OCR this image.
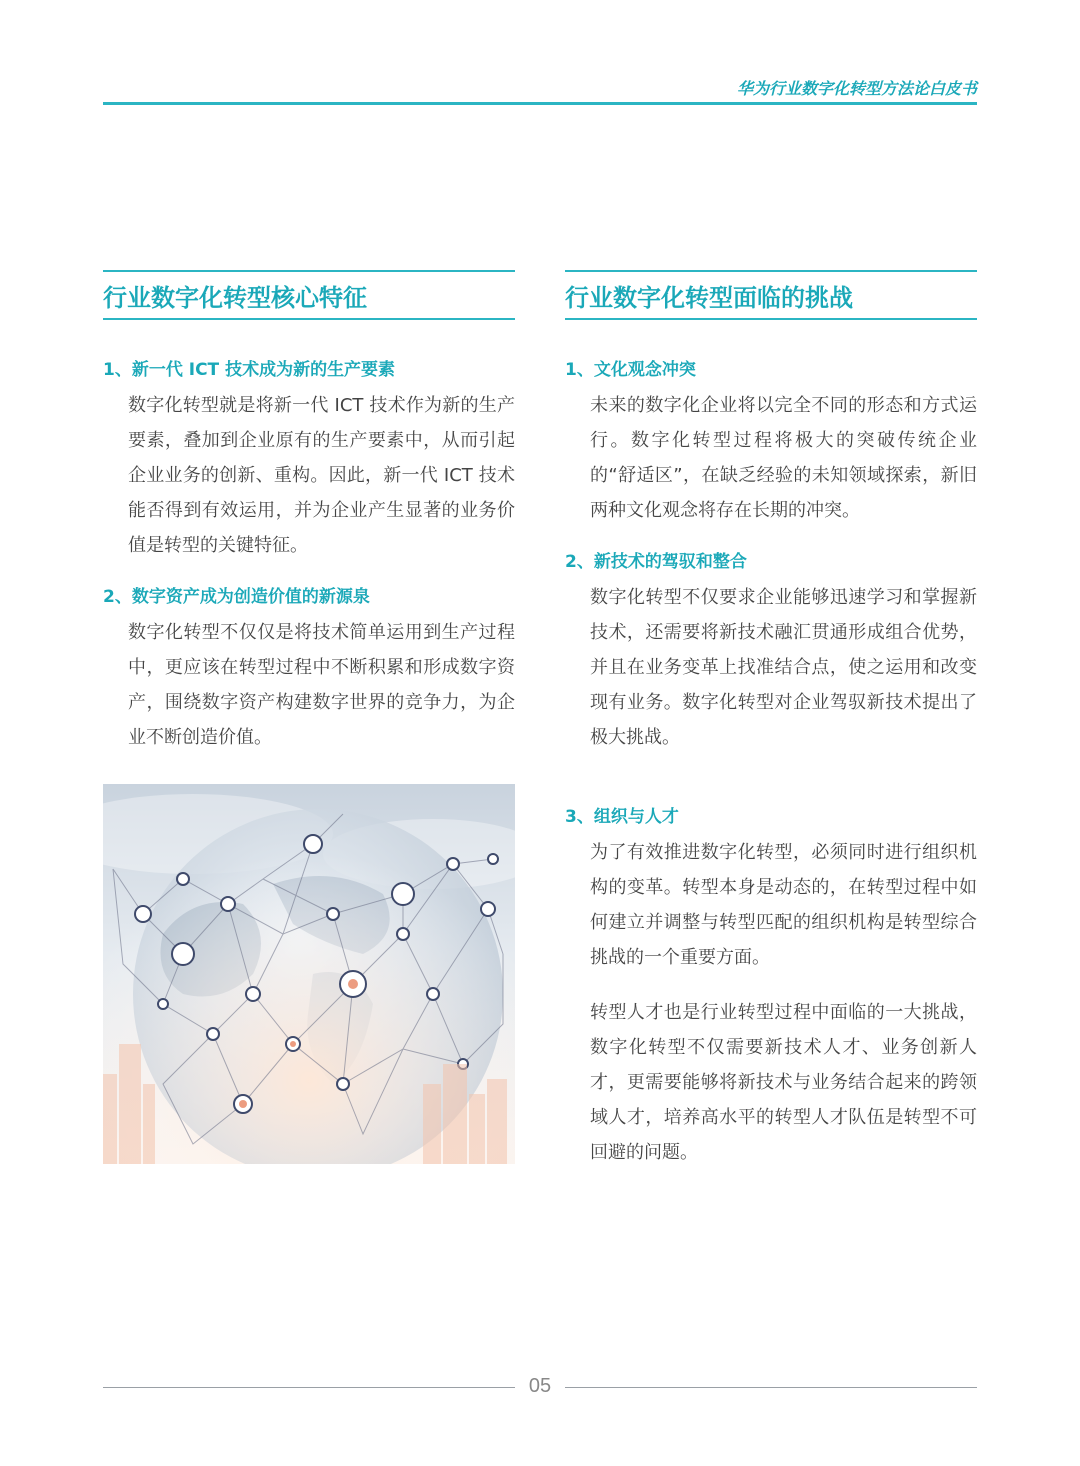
华为行业数字化转型方法论白皮书
行业数字化转型核心特征

1、新一代 ICT 技术成为新的生产要素

数字化转型就是将新一代 ICT 技术作为新的生产要素，叠加到企业原有的生产要素中，从而引起企业业务的创新、重构。因此，新一代 ICT 技术能否得到有效运用，并为企业产生显著的业务价值是转型的关键特征。

2、数字资产成为创造价值的新源泉

数字化转型不仅仅是将技术简单运用到生产过程中，更应该在转型过程中不断积累和形成数字资产，围绕数字资产构建数字世界的竞争力，为企业不断创造价值。

行业数字化转型面临的挑战

1、文化观念冲突

未来的数字化企业将以完全不同的形态和方式运行。数字化转型过程将极大的突破传统企业的“舒适区”，在缺乏经验的未知领域探索，新旧两种文化观念将存在长期的冲突。

2、新技术的驾驭和整合

数字化转型不仅要求企业能够迅速学习和掌握新技术，还需要将新技术融汇贯通形成组合优势，并且在业务变革上找准结合点，使之运用和改变现有业务。数字化转型对企业驾驭新技术提出了极大挑战。

3、组织与人才

为了有效推进数字化转型，必须同时进行组织机构的变革。转型本身是动态的，在转型过程中如何建立并调整与转型匹配的组织机构是转型综合挑战的一个重要方面。

转型人才也是行业转型过程中面临的一大挑战，数字化转型不仅需要新技术人才、业务创新人才，更需要能够将新技术与业务结合起来的跨领域人才，培养高水平的转型人才队伍是转型不可回避的问题。

05
